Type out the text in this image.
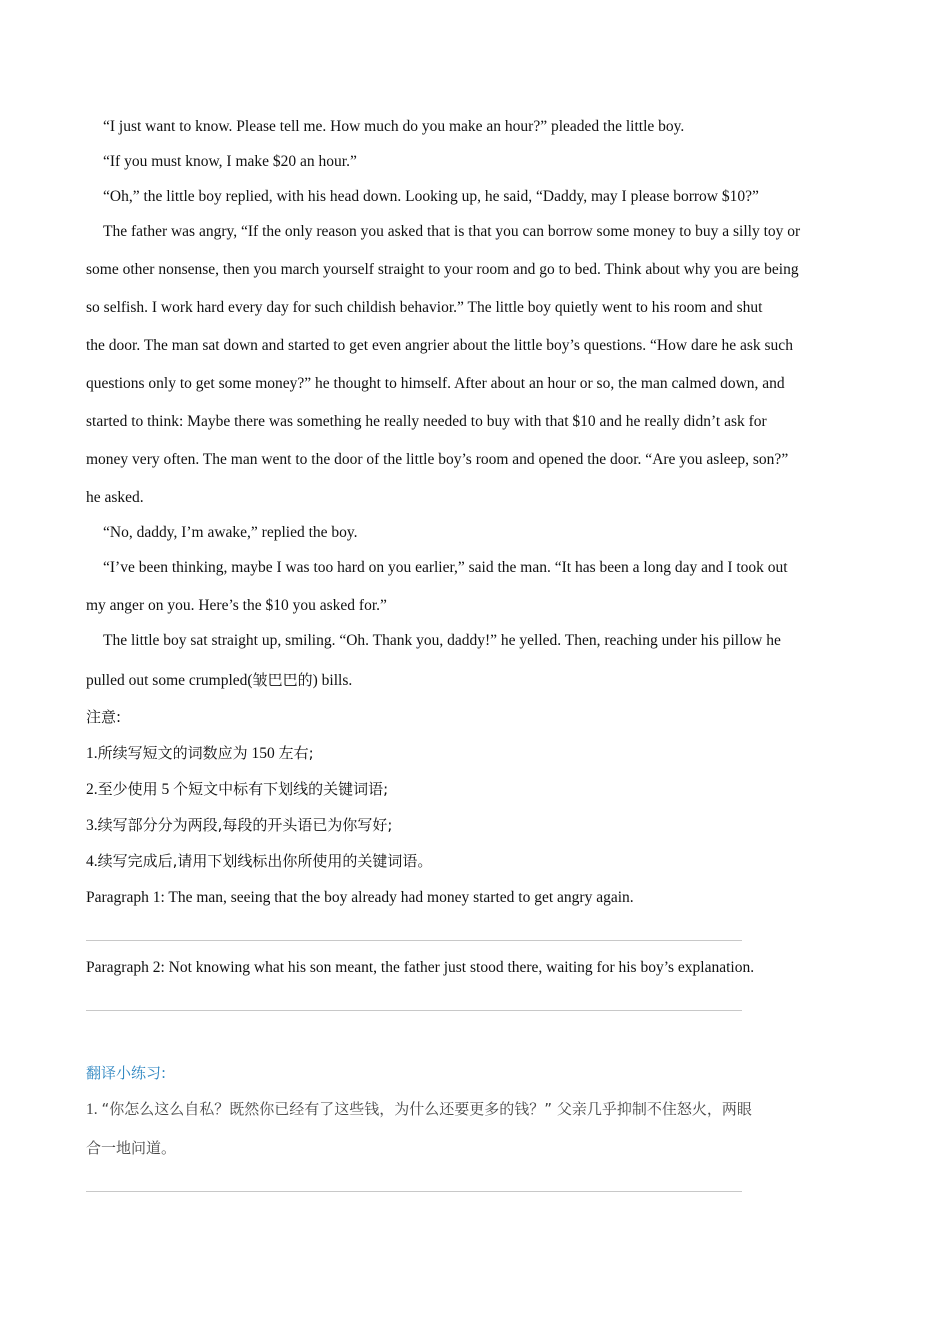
“I just want to know. Please tell me. How much do you make an hour?” pleaded the little boy.
“If you must know, I make $20 an hour.”
“Oh,” the little boy replied, with his head down. Looking up, he said, “Daddy, may I please borrow $10?”
The father was angry, “If the only reason you asked that is that you can borrow some money to buy a silly toy or
some other nonsense, then you march yourself straight to your room and go to bed. Think about why you are being
so selfish. I work hard every day for such childish behavior.” The little boy quietly went to his room and shut
the door. The man sat down and started to get even angrier about the little boy’s questions. “How dare he ask such
questions only to get some money?” he thought to himself. After about an hour or so, the man calmed down, and
started to think: Maybe there was something he really needed to buy with that $10 and he really didn’t ask for
money very often. The man went to the door of the little boy’s room and opened the door. “Are you asleep, son?”
he asked.
“No, daddy, I’m awake,” replied the boy.
“I’ve been thinking, maybe I was too hard on you earlier,” said the man. “It has been a long day and I took out
my anger on you. Here’s the $10 you asked for.”
The little boy sat straight up, smiling. “Oh. Thank you, daddy!” he yelled. Then, reaching under his pillow he
pulled out some crumpled(皱巴巴的) bills.
注意:
1.所续写短文的词数应为 150 左右;
2.至少使用 5 个短文中标有下划线的关键词语;
3.续写部分分为两段,每段的开头语已为你写好;
4.续写完成后,请用下划线标出你所使用的关键词语。
Paragraph 1: The man, seeing that the boy already had money started to get angry again.
Paragraph 2: Not knowing what his son meant, the father just stood there, waiting for his boy’s explanation.
翻译小练习:
1. “你怎么这么自私？既然你已经有了这些钱，为什么还要更多的钱？” 父亲几乎抑制不住怒火，两眼
合一地问道。
